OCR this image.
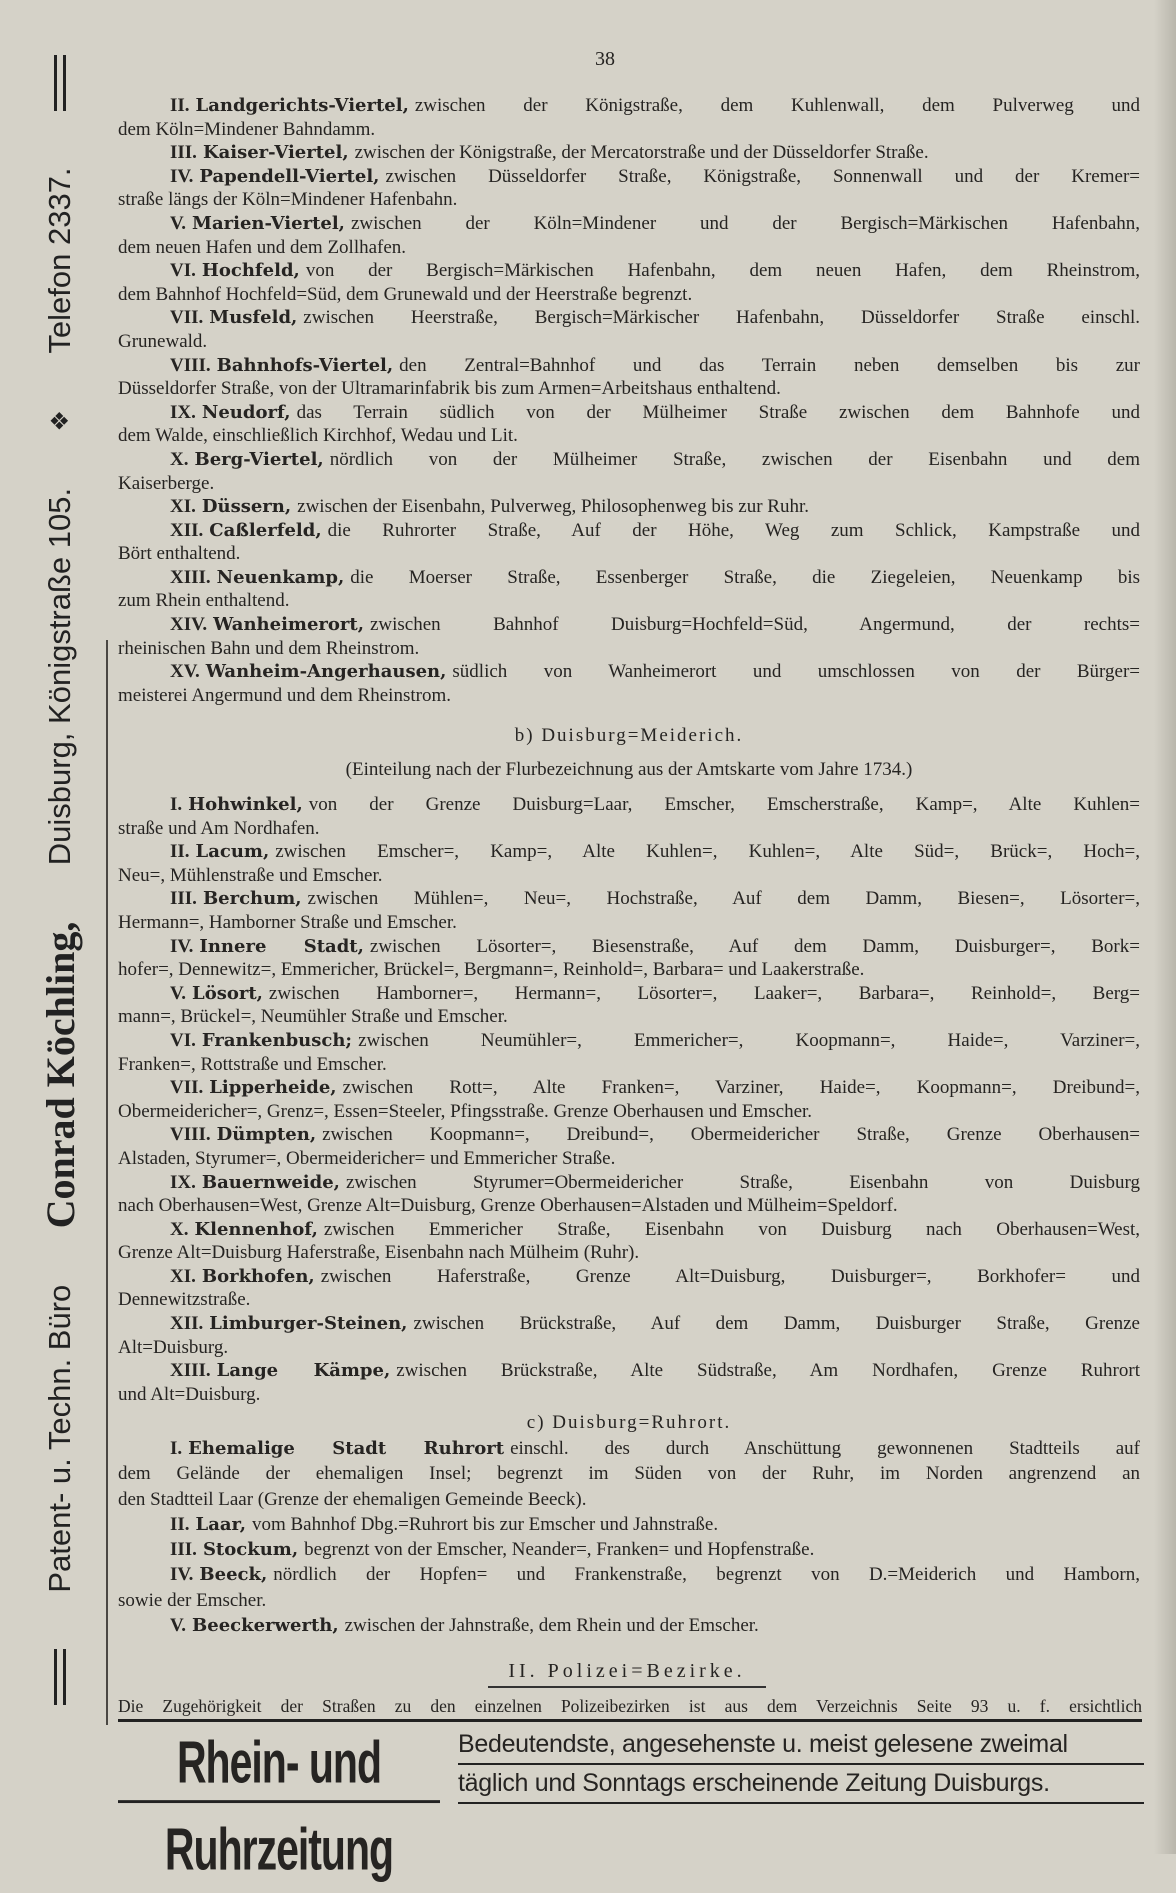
38
Patent- u. Techn. Büro
Conrad Köchling,
Duisburg, Königstraße 105.
❖
Telefon 2337.
II. Landgerichts-Viertel, zwischen der Königstraße, dem Kuhlenwall, dem Pulverweg und
dem Köln=Mindener Bahndamm.
III. Kaiser-Viertel, zwischen der Königstraße, der Mercatorstraße und der Düsseldorfer Straße.
IV. Papendell-Viertel, zwischen Düsseldorfer Straße, Königstraße, Sonnenwall und der Kremer=
straße längs der Köln=Mindener Hafenbahn.
V. Marien-Viertel, zwischen der Köln=Mindener und der Bergisch=Märkischen Hafenbahn,
dem neuen Hafen und dem Zollhafen.
VI. Hochfeld, von der Bergisch=Märkischen Hafenbahn, dem neuen Hafen, dem Rheinstrom,
dem Bahnhof Hochfeld=Süd, dem Grunewald und der Heerstraße begrenzt.
VII. Musfeld, zwischen Heerstraße, Bergisch=Märkischer Hafenbahn, Düsseldorfer Straße einschl.
Grunewald.
VIII. Bahnhofs-Viertel, den Zentral=Bahnhof und das Terrain neben demselben bis zur
Düsseldorfer Straße, von der Ultramarinfabrik bis zum Armen=Arbeitshaus enthaltend.
IX. Neudorf, das Terrain südlich von der Mülheimer Straße zwischen dem Bahnhofe und
dem Walde, einschließlich Kirchhof, Wedau und Lit.
X. Berg-Viertel, nördlich von der Mülheimer Straße, zwischen der Eisenbahn und dem
Kaiserberge.
XI. Düssern, zwischen der Eisenbahn, Pulverweg, Philosophenweg bis zur Ruhr.
XII. Caßlerfeld, die Ruhrorter Straße, Auf der Höhe, Weg zum Schlick, Kampstraße und
Bört enthaltend.
XIII. Neuenkamp, die Moerser Straße, Essenberger Straße, die Ziegeleien, Neuenkamp bis
zum Rhein enthaltend.
XIV. Wanheimerort, zwischen Bahnhof Duisburg=Hochfeld=Süd, Angermund, der rechts=
rheinischen Bahn und dem Rheinstrom.
XV. Wanheim-Angerhausen, südlich von Wanheimerort und umschlossen von der Bürger=
meisterei Angermund und dem Rheinstrom.
b) Duisburg=Meiderich.
(Einteilung nach der Flurbezeichnung aus der Amtskarte vom Jahre 1734.)
I. Hohwinkel, von der Grenze Duisburg=Laar, Emscher, Emscherstraße, Kamp=, Alte Kuhlen=
straße und Am Nordhafen.
II. Lacum, zwischen Emscher=, Kamp=, Alte Kuhlen=, Kuhlen=, Alte Süd=, Brück=, Hoch=,
Neu=, Mühlenstraße und Emscher.
III. Berchum, zwischen Mühlen=, Neu=, Hochstraße, Auf dem Damm, Biesen=, Lösorter=,
Hermann=, Hamborner Straße und Emscher.
IV. Innere Stadt, zwischen Lösorter=, Biesenstraße, Auf dem Damm, Duisburger=, Bork=
hofer=, Dennewitz=, Emmericher, Brückel=, Bergmann=, Reinhold=, Barbara= und Laakerstraße.
V. Lösort, zwischen Hamborner=, Hermann=, Lösorter=, Laaker=, Barbara=, Reinhold=, Berg=
mann=, Brückel=, Neumühler Straße und Emscher.
VI. Frankenbusch; zwischen Neumühler=, Emmericher=, Koopmann=, Haide=, Varziner=,
Franken=, Rottstraße und Emscher.
VII. Lipperheide, zwischen Rott=, Alte Franken=, Varziner, Haide=, Koopmann=, Dreibund=,
Obermeidericher=, Grenz=, Essen=Steeler, Pfingsstraße. Grenze Oberhausen und Emscher.
VIII. Dümpten, zwischen Koopmann=, Dreibund=, Obermeidericher Straße, Grenze Oberhausen=
Alstaden, Styrumer=, Obermeidericher= und Emmericher Straße.
IX. Bauernweide, zwischen Styrumer=Obermeidericher Straße, Eisenbahn von Duisburg
nach Oberhausen=West, Grenze Alt=Duisburg, Grenze Oberhausen=Alstaden und Mülheim=Speldorf.
X. Klennenhof, zwischen Emmericher Straße, Eisenbahn von Duisburg nach Oberhausen=West,
Grenze Alt=Duisburg Haferstraße, Eisenbahn nach Mülheim (Ruhr).
XI. Borkhofen, zwischen Haferstraße, Grenze Alt=Duisburg, Duisburger=, Borkhofer= und
Dennewitzstraße.
XII. Limburger-Steinen, zwischen Brückstraße, Auf dem Damm, Duisburger Straße, Grenze
Alt=Duisburg.
XIII. Lange Kämpe, zwischen Brückstraße, Alte Südstraße, Am Nordhafen, Grenze Ruhrort
und Alt=Duisburg.
c) Duisburg=Ruhrort.
I. Ehemalige Stadt Ruhrort einschl. des durch Anschüttung gewonnenen Stadtteils auf
dem Gelände der ehemaligen Insel; begrenzt im Süden von der Ruhr, im Norden angrenzend an
den Stadtteil Laar (Grenze der ehemaligen Gemeinde Beeck).
II. Laar, vom Bahnhof Dbg.=Ruhrort bis zur Emscher und Jahnstraße.
III. Stockum, begrenzt von der Emscher, Neander=, Franken= und Hopfenstraße.
IV. Beeck, nördlich der Hopfen= und Frankenstraße, begrenzt von D.=Meiderich und Hamborn,
sowie der Emscher.
V. Beeckerwerth, zwischen der Jahnstraße, dem Rhein und der Emscher.
II. Polizei=Bezirke.
Die Zugehörigkeit der Straßen zu den einzelnen Polizeibezirken ist aus dem Verzeichnis Seite 93 u. f. ersichtlich
Rhein- und Ruhrzeitung
Bedeutendste, angesehenste u. meist gelesene zweimal
täglich und Sonntags erscheinende Zeitung Duisburgs.
